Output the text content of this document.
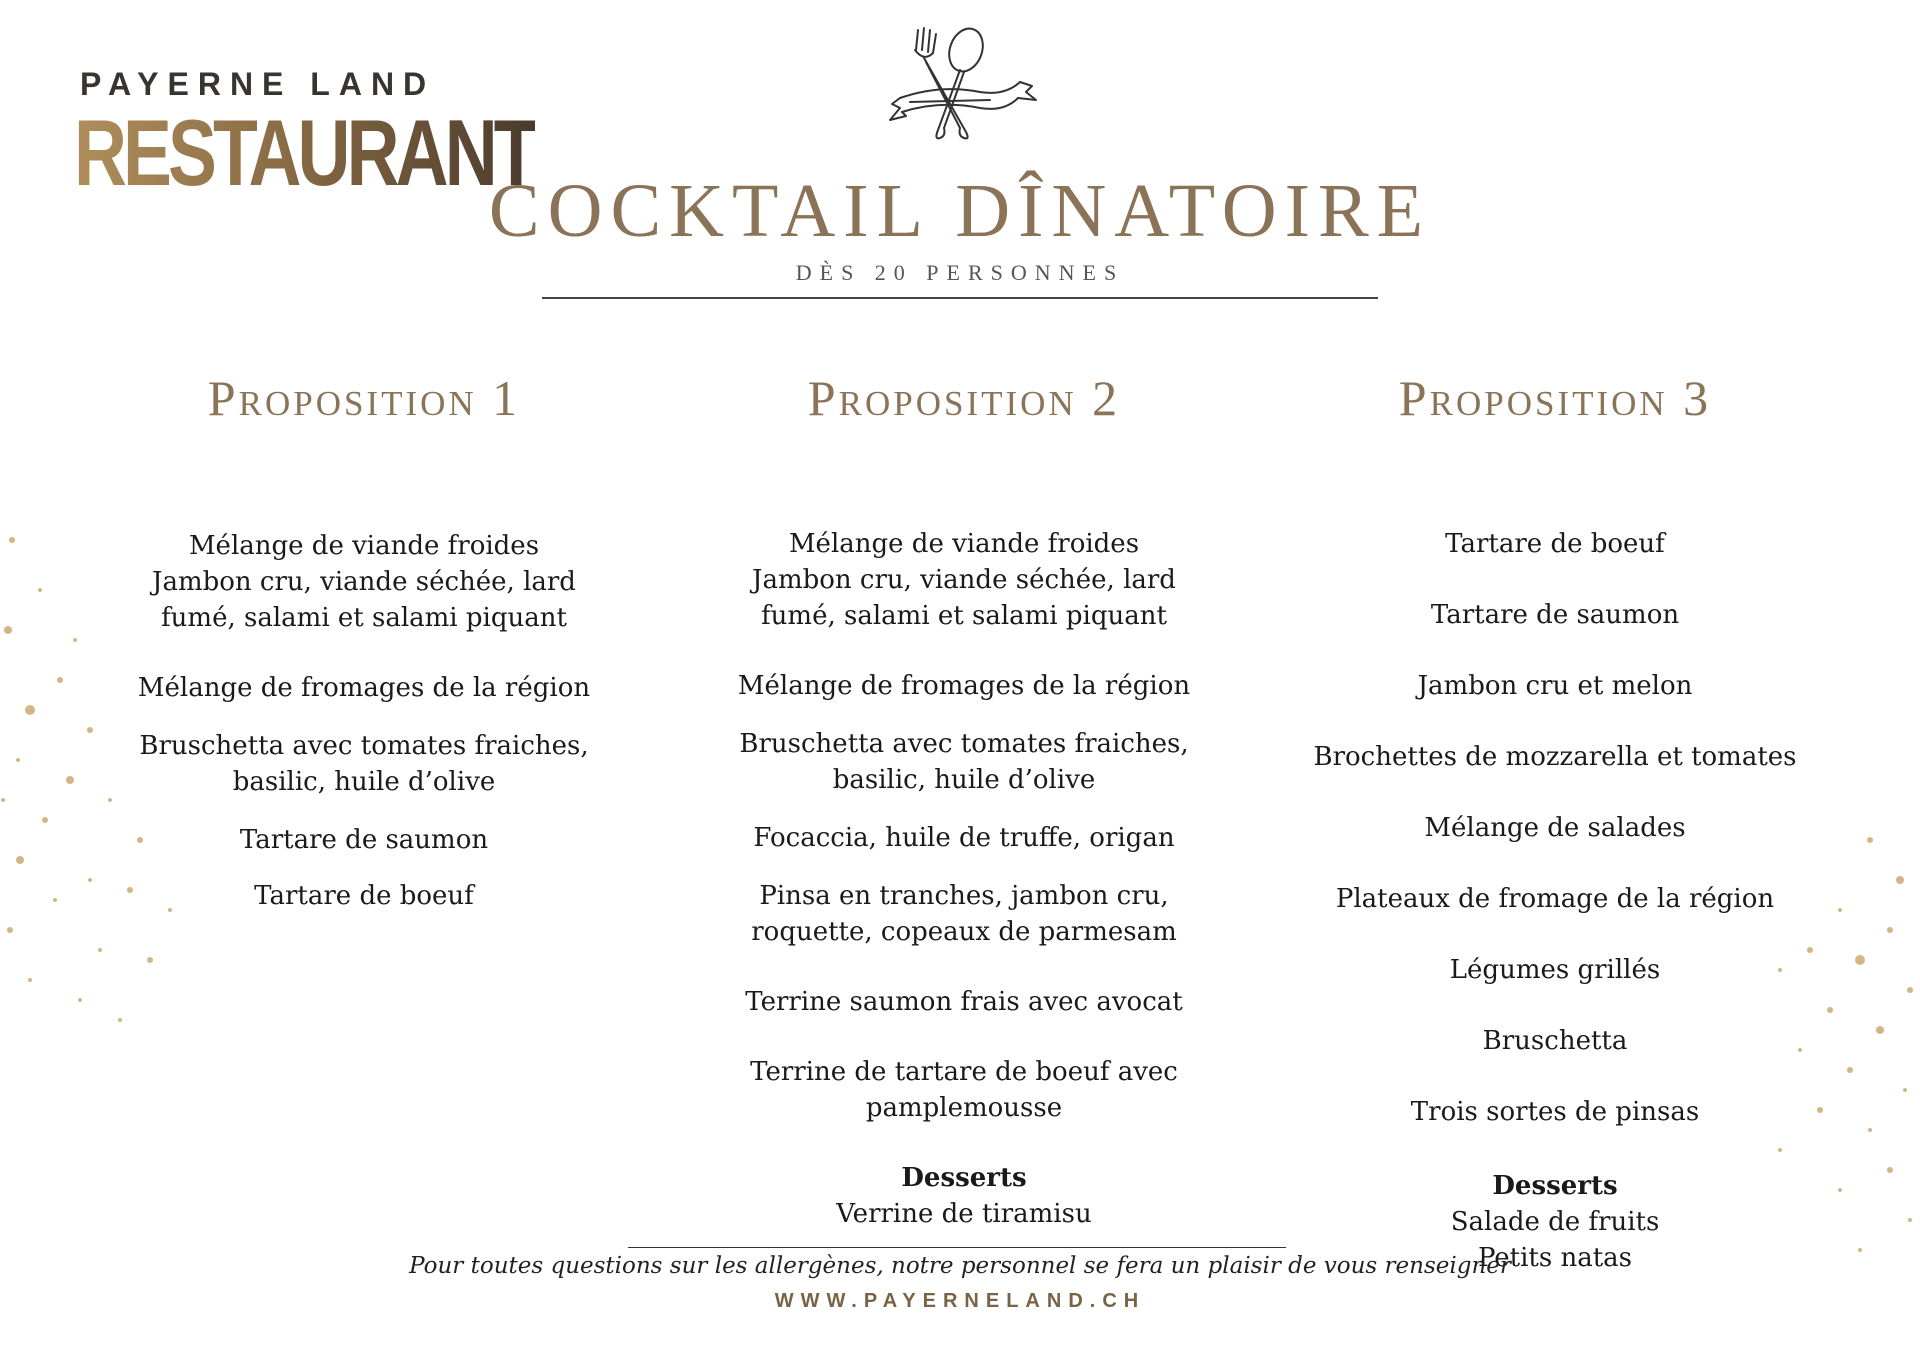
PAYERNE LAND
RESTAURANT
COCKTAIL DÎNATOIRE
DÈS 20 PERSONNES
Proposition 1
Mélange de viande froides
Jambon cru, viande séchée, lard
fumé, salami et salami piquant
Mélange de fromages de la région
Bruschetta avec tomates fraiches,
basilic, huile d’olive
Tartare de saumon
Tartare de boeuf
Proposition 2
Mélange de viande froides
Jambon cru, viande séchée, lard
fumé, salami et salami piquant
Mélange de fromages de la région
Bruschetta avec tomates fraiches,
basilic, huile d’olive
Focaccia, huile de truffe, origan
Pinsa en tranches, jambon cru,
roquette, copeaux de parmesam
Terrine saumon frais avec avocat
Terrine de tartare de boeuf avec
pamplemousse
Desserts
Verrine de tiramisu
Proposition 3
Tartare de boeuf
Tartare de saumon
Jambon cru et melon
Brochettes de mozzarella et tomates
Mélange de salades
Plateaux de fromage de la région
Légumes grillés
Bruschetta
Trois sortes de pinsas
Desserts
Salade de fruits
Petits natas
Pour toutes questions sur les allergènes, notre personnel se fera un plaisir de vous renseigner
WWW.PAYERNELAND.CH
